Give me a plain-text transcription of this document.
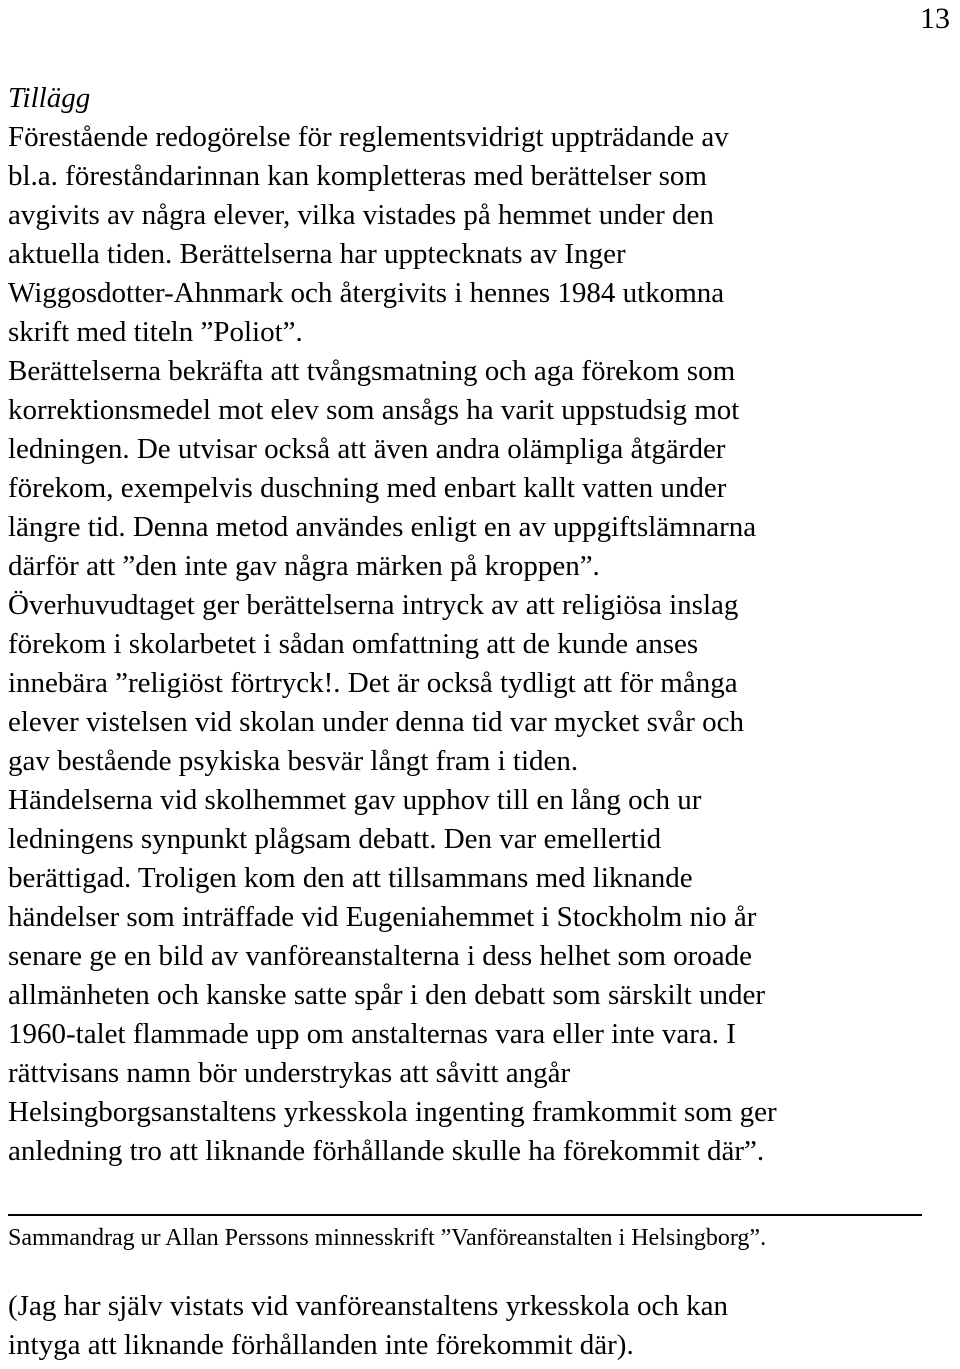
13
Tillägg
Förestående redogörelse för reglementsvidrigt uppträdande av
bl.a. föreståndarinnan kan kompletteras med berättelser som
avgivits av några elever, vilka vistades på hemmet under den
aktuella tiden. Berättelserna har upptecknats av Inger
Wiggosdotter-Ahnmark och återgivits i hennes 1984 utkomna
skrift med titeln ”Poliot”.
Berättelserna bekräfta att tvångsmatning och aga förekom som
korrektionsmedel mot elev som ansågs ha varit uppstudsig mot
ledningen. De utvisar också att även andra olämpliga åtgärder
förekom, exempelvis duschning med enbart kallt vatten under
längre tid. Denna metod användes enligt en av uppgiftslämnarna
därför att ”den inte gav några märken på kroppen”.
Överhuvudtaget ger berättelserna intryck av att religiösa inslag
förekom i skolarbetet i sådan omfattning att de kunde anses
innebära ”religiöst förtryck!. Det är också tydligt att för många
elever vistelsen vid skolan under denna tid var mycket svår och
gav bestående psykiska besvär långt fram i tiden.
Händelserna vid skolhemmet gav upphov till en lång och ur
ledningens synpunkt plågsam debatt. Den var emellertid
berättigad. Troligen kom den att tillsammans med liknande
händelser som inträffade vid Eugeniahemmet i Stockholm nio år
senare ge en bild av vanföreanstalterna i dess helhet som oroade
allmänheten och kanske satte spår i den debatt som särskilt under
1960-talet flammade upp om anstalternas vara eller inte vara. I
rättvisans namn bör understrykas att såvitt angår
Helsingborgsanstaltens yrkesskola ingenting framkommit som ger
anledning tro att liknande förhållande skulle ha förekommit där”.
Sammandrag ur Allan Perssons minnesskrift ”Vanföreanstalten i Helsingborg”.
(Jag har själv vistats vid vanföreanstaltens yrkesskola och kan
intyga att liknande förhållanden inte förekommit där).
